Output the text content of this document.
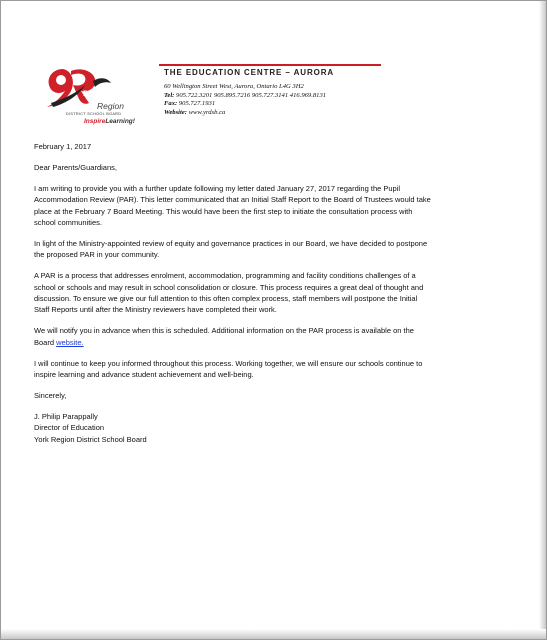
R
Region
DISTRICT SCHOOL BOARD
InspireLearning!
THE EDUCATION CENTRE – AURORA
60 Wellington Street West, Aurora, Ontario L4G 3H2
Tel: 905.722.3201 905.895.7216 905.727.3141 416.969.8131
Fax: 905.727.1931
Website: www.yrdsb.ca

February 1, 2017

Dear Parents/Guardians,

I am writing to provide you with a further update following my letter dated January 27, 2017 regarding the Pupil
Accommodation Review (PAR). This letter communicated that an Initial Staff Report to the Board of Trustees would take
place at the February 7 Board Meeting. This would have been the first step to initiate the consultation process with
school communities.

In light of the Ministry-appointed review of equity and governance practices in our Board, we have decided to postpone
the proposed PAR in your community.

A PAR is a process that addresses enrolment, accommodation, programming and facility conditions challenges of a
school or schools and may result in school consolidation or closure. This process requires a great deal of thought and
discussion. To ensure we give our full attention to this often complex process, staff members will postpone the Initial
Staff Reports until after the Ministry reviewers have completed their work.

We will notify you in advance when this is scheduled. Additional information on the PAR process is available on the
Board website.

I will continue to keep you informed throughout this process. Working together, we will ensure our schools continue to
inspire learning and advance student achievement and well-being.

Sincerely,

J. Philip Parappally
Director of Education
York Region District School Board
